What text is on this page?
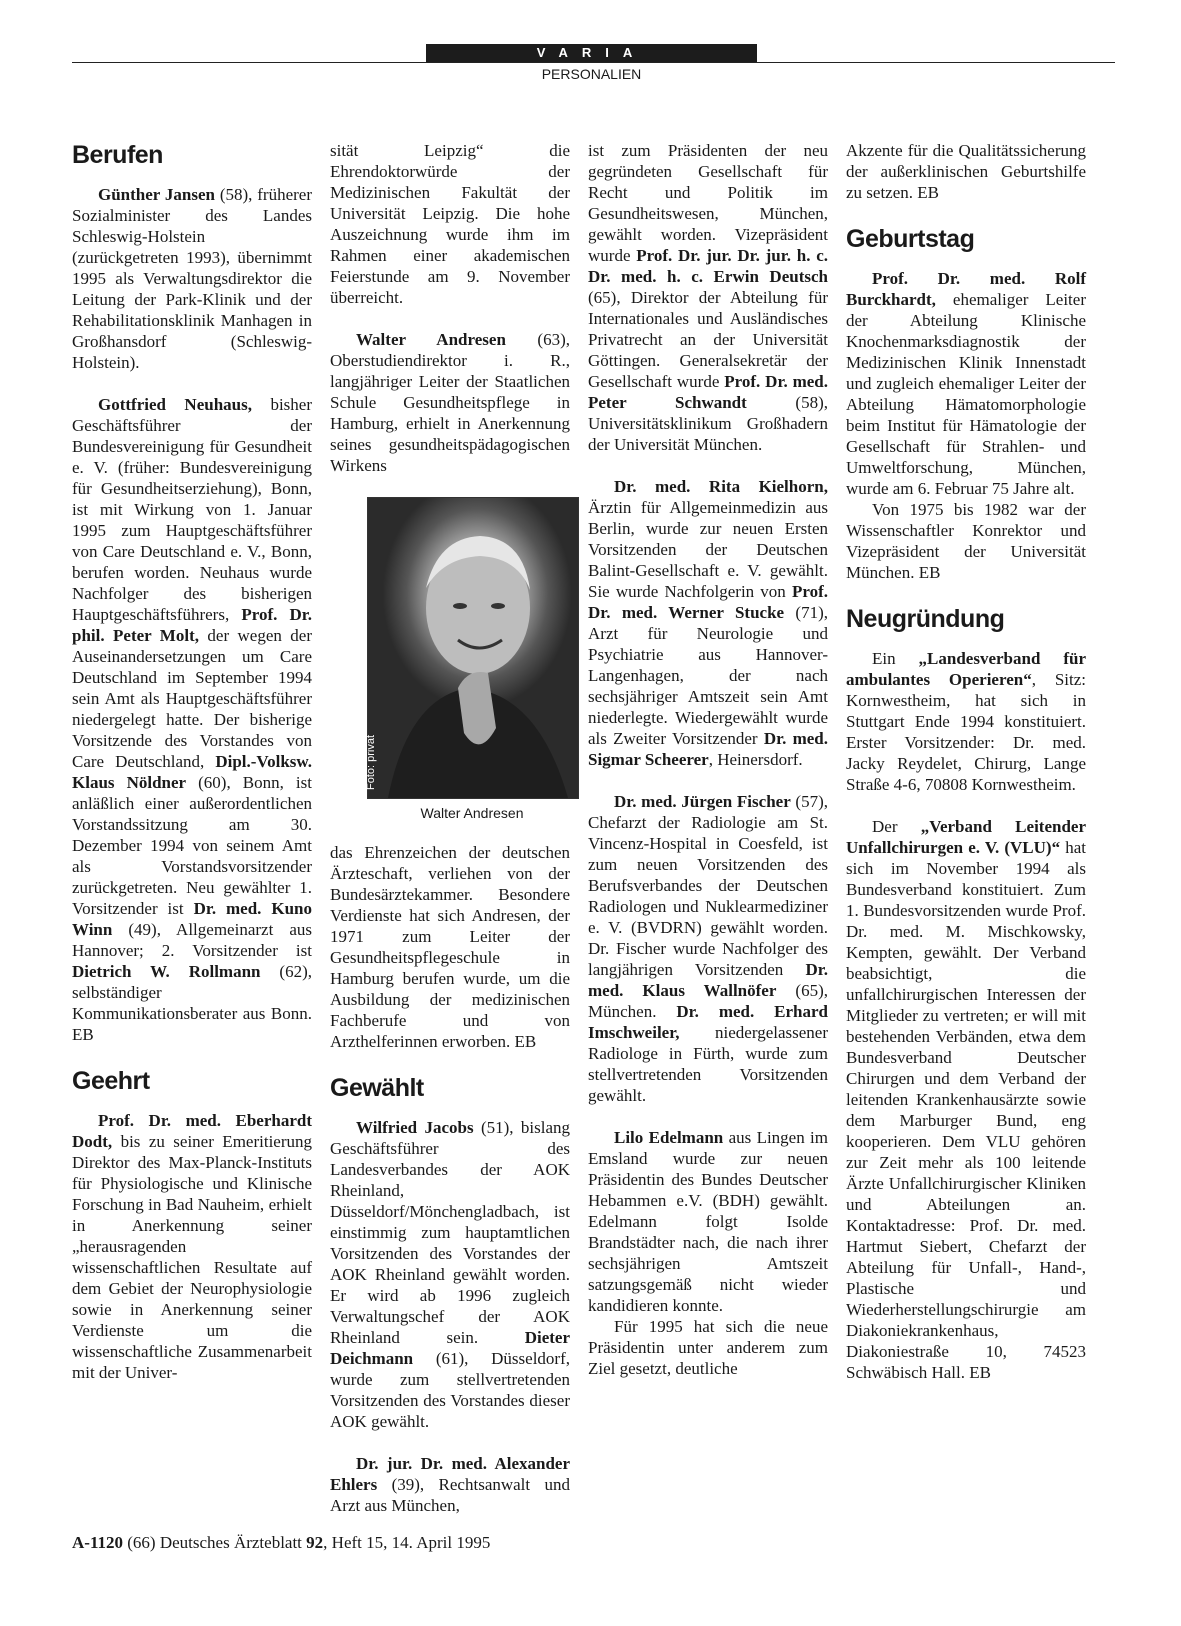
VARIA
PERSONALIEN
Berufen

Günther Jansen (58), früherer Sozialminister des Landes Schleswig-Holstein (zurückgetreten 1993), übernimmt 1995 als Verwaltungsdirektor die Leitung der Park-Klinik und der Rehabilitationsklinik Manhagen in Großhansdorf (Schleswig-Holstein).

Gottfried Neuhaus, bisher Geschäftsführer der Bundesvereinigung für Gesundheit e. V. (früher: Bundesvereinigung für Gesundheitserziehung), Bonn, ist mit Wirkung von 1. Januar 1995 zum Hauptgeschäftsführer von Care Deutschland e. V., Bonn, berufen worden. Neuhaus wurde Nachfolger des bisherigen Hauptgeschäftsführers, Prof. Dr. phil. Peter Molt, der wegen der Auseinandersetzungen um Care Deutschland im September 1994 sein Amt als Hauptgeschäftsführer niedergelegt hatte. Der bisherige Vorsitzende des Vorstandes von Care Deutschland, Dipl.-Volksw. Klaus Nöldner (60), Bonn, ist anläßlich einer außerordentlichen Vorstandssitzung am 30. Dezember 1994 von seinem Amt als Vorstandsvorsitzender zurückgetreten. Neu gewählter 1. Vorsitzender ist Dr. med. Kuno Winn (49), Allgemeinarzt aus Hannover; 2. Vorsitzender ist Dietrich W. Rollmann (62), selbständiger Kommunikationsberater aus Bonn. EB

Geehrt

Prof. Dr. med. Eberhardt Dodt, bis zu seiner Emeritierung Direktor des Max-Planck-Instituts für Physiologische und Klinische Forschung in Bad Nauheim, erhielt in Anerkennung seiner „herausragenden wissenschaftlichen Resultate auf dem Gebiet der Neurophysiologie sowie in Anerkennung seiner Verdienste um die wissenschaftliche Zusammenarbeit mit der Univer-

sität Leipzig“ die Ehrendoktorwürde der Medizinischen Fakultät der Universität Leipzig. Die hohe Auszeichnung wurde ihm im Rahmen einer akademischen Feierstunde am 9. November überreicht.

Walter Andresen (63), Oberstudiendirektor i. R., langjähriger Leiter der Staatlichen Schule Gesundheitspflege in Hamburg, erhielt in Anerkennung seines gesundheitspädagogischen Wirkens

Foto: privat
Walter Andresen

das Ehrenzeichen der deutschen Ärzteschaft, verliehen von der Bundesärztekammer. Besondere Verdienste hat sich Andresen, der 1971 zum Leiter der Gesundheitspflegeschule in Hamburg berufen wurde, um die Ausbildung der medizinischen Fachberufe und von Arzthelferinnen erworben. EB

Gewählt

Wilfried Jacobs (51), bislang Geschäftsführer des Landesverbandes der AOK Rheinland, Düsseldorf/Mönchengladbach, ist einstimmig zum hauptamtlichen Vorsitzenden des Vorstandes der AOK Rheinland gewählt worden. Er wird ab 1996 zugleich Verwaltungschef der AOK Rheinland sein. Dieter Deichmann (61), Düsseldorf, wurde zum stellvertretenden Vorsitzenden des Vorstandes dieser AOK gewählt.

Dr. jur. Dr. med. Alexander Ehlers (39), Rechtsanwalt und Arzt aus München,

ist zum Präsidenten der neu gegründeten Gesellschaft für Recht und Politik im Gesundheitswesen, München, gewählt worden. Vizepräsident wurde Prof. Dr. jur. Dr. jur. h. c. Dr. med. h. c. Erwin Deutsch (65), Direktor der Abteilung für Internationales und Ausländisches Privatrecht an der Universität Göttingen. Generalsekretär der Gesellschaft wurde Prof. Dr. med. Peter Schwandt (58), Universitätsklinikum Großhadern der Universität München.

Dr. med. Rita Kielhorn, Ärztin für Allgemeinmedizin aus Berlin, wurde zur neuen Ersten Vorsitzenden der Deutschen Balint-Gesellschaft e. V. gewählt. Sie wurde Nachfolgerin von Prof. Dr. med. Werner Stucke (71), Arzt für Neurologie und Psychiatrie aus Hannover-Langenhagen, der nach sechsjähriger Amtszeit sein Amt niederlegte. Wiedergewählt wurde als Zweiter Vorsitzender Dr. med. Sigmar Scheerer, Heinersdorf.

Dr. med. Jürgen Fischer (57), Chefarzt der Radiologie am St. Vincenz-Hospital in Coesfeld, ist zum neuen Vorsitzenden des Berufsverbandes der Deutschen Radiologen und Nuklearmediziner e. V. (BVDRN) gewählt worden. Dr. Fischer wurde Nachfolger des langjährigen Vorsitzenden Dr. med. Klaus Wallnöfer (65), München. Dr. med. Erhard Imschweiler, niedergelassener Radiologe in Fürth, wurde zum stellvertretenden Vorsitzenden gewählt.

Lilo Edelmann aus Lingen im Emsland wurde zur neuen Präsidentin des Bundes Deutscher Hebammen e.V. (BDH) gewählt. Edelmann folgt Isolde Brandstädter nach, die nach ihrer sechsjährigen Amtszeit satzungsgemäß nicht wieder kandidieren konnte.

Für 1995 hat sich die neue Präsidentin unter anderem zum Ziel gesetzt, deutliche

Akzente für die Qualitätssicherung der außerklinischen Geburtshilfe zu setzen. EB

Geburtstag

Prof. Dr. med. Rolf Burckhardt, ehemaliger Leiter der Abteilung Klinische Knochenmarksdiagnostik der Medizinischen Klinik Innenstadt und zugleich ehemaliger Leiter der Abteilung Hämatomorphologie beim Institut für Hämatologie der Gesellschaft für Strahlen- und Umweltforschung, München, wurde am 6. Februar 75 Jahre alt.

Von 1975 bis 1982 war der Wissenschaftler Konrektor und Vizepräsident der Universität München. EB

Neugründung

Ein „Landesverband für ambulantes Operieren“, Sitz: Kornwestheim, hat sich in Stuttgart Ende 1994 konstituiert. Erster Vorsitzender: Dr. med. Jacky Reydelet, Chirurg, Lange Straße 4-6, 70808 Kornwestheim.

Der „Verband Leitender Unfallchirurgen e. V. (VLU)“ hat sich im November 1994 als Bundesverband konstituiert. Zum 1. Bundesvorsitzenden wurde Prof. Dr. med. M. Mischkowsky, Kempten, gewählt. Der Verband beabsichtigt, die unfallchirurgischen Interessen der Mitglieder zu vertreten; er will mit bestehenden Verbänden, etwa dem Bundesverband Deutscher Chirurgen und dem Verband der leitenden Krankenhausärzte sowie dem Marburger Bund, eng kooperieren. Dem VLU gehören zur Zeit mehr als 100 leitende Ärzte Unfallchirurgischer Kliniken und Abteilungen an. Kontaktadresse: Prof. Dr. med. Hartmut Siebert, Chefarzt der Abteilung für Unfall-, Hand-, Plastische und Wiederherstellungschirurgie am Diakoniekrankenhaus, Diakoniestraße 10, 74523 Schwäbisch Hall. EB

A-1120 (66) Deutsches Ärzteblatt 92, Heft 15, 14. April 1995
